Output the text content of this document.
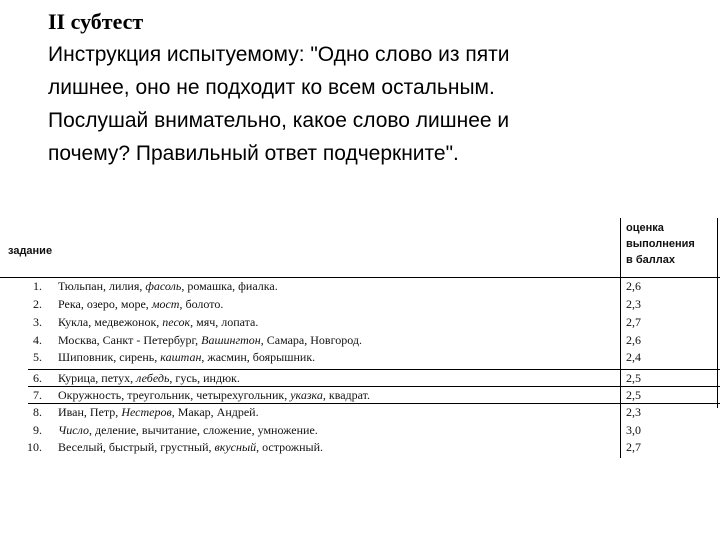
II субтест
Инструкция испытуемому: "Одно слово из пяти
лишнее, оно не подходит ко всем остальным.
Послушай внимательно, какое слово лишнее и
почему? Правильный ответ подчеркните".
задание
оценка
выполнения
в баллах
1. Тюльпан, лилия, фасоль, ромашка, фиалка.	2,6
2. Река, озеро, море, мост, болото.	2,3
3. Кукла, медвежонок, песок, мяч, лопата.	2,7
4. Москва, Санкт - Петербург, Вашингтон, Самара, Новгород.	2,6
5. Шиповник, сирень, каштан, жасмин, боярышник.	2,4
6. Курица, петух, лебедь, гусь, индюк.	2,5
7. Окружность, треугольник, четырехугольник, указка, квадрат.	2,5
8. Иван, Петр, Нестеров, Макар, Андрей.	2,3
9. Число, деление, вычитание, сложение, умножение.	3,0
10. Веселый, быстрый, грустный, вкусный, острожный.	2,7
